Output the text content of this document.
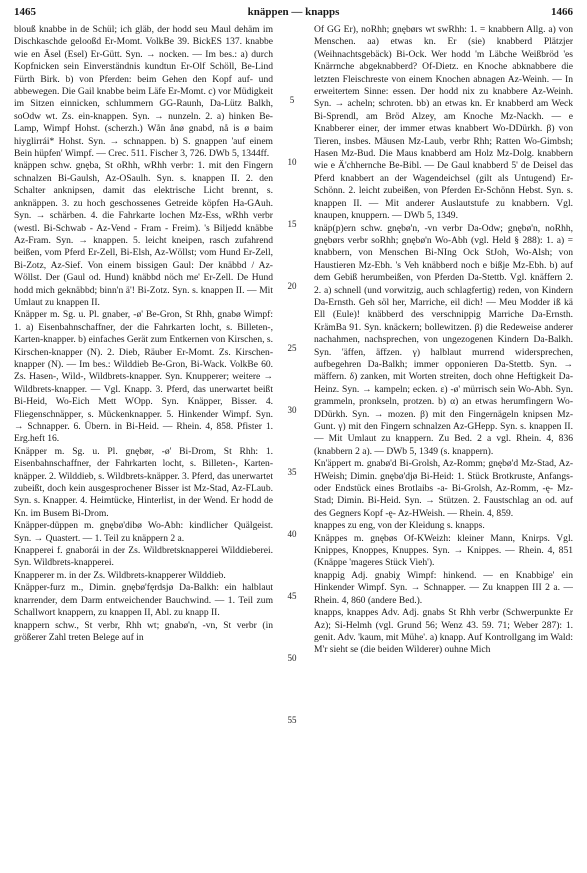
1465	knäppen — knapps	1466

blouß knabbe in de Schül; ich gläb, der hodd seu Maul dehäm im Dischkaschde gelooßd Er-Momt. VolkBe 39. BickES 137. knabbe wie en Äsel (Esel) Er-Gütt. Syn. → nocken. — Im bes.: a) durch Kopfnicken sein Einverständnis kundtun Er-Olf Schöll, Be-Lind Fürth Birk. b) von Pferden: beim Gehen den Kopf auf- und abbewegen. Die Gail knabbe beim Läfe Er-Momt. c) vor Müdigkeit im Sitzen einnicken, schlummern GG-Raunh, Da-Lütz Balkh, soOdw wt. Zs. ein-knappen. Syn. → nunzeln. 2. a) hinken Be-Lamp, Wimpf Hohst. (scherzh.) Wån ånø gnabd, nå is ø baim hiyglirrái* Hohst. Syn. → schnappen. b) S. gnappen 'auf einem Bein hüpfen' Wimpf. — Crec. 511. Fischer 3, 726. DWb 5, 1344ff.

knäppen schw. gnęba, St oRhh, wRhh verbr: 1. mit den Fingern schnalzen Bi-Gaulsh, Az-OSaulh. Syn. s. knappen II. 2. den Schalter anknipsen, damit das elektrische Licht brennt, s. anknäppen. 3. zu hoch geschossenes Getreide köpfen Ha-GAuh. Syn. → schärben. 4. die Fahrkarte lochen Mz-Ess, wRhh verbr (westl. Bi-Schwab - Az-Vend - Fram - Freim). 's Biljedd knäbbe Az-Fram. Syn. → knappen. 5. leicht kneipen, rasch zufahrend beißen, vom Pferd Er-Zell, Bi-Elsh, Az-Wöllst; vom Hund Er-Zell, Bi-Zotz, Az-Sief. Von einem bissigen Gaul: Der knäbbd / Az-Wöllst. Der (Gaul od. Hund) knäbbd nöch me' Er-Zell. De Hund hodd mich geknäbbd; binn'n ä'! Bi-Zotz. Syn. s. knappen II. — Mit Umlaut zu knappen II.

Knäpper m. Sg. u. Pl. gnaber, -ø' Be-Gron, St Rhh, gnabø Wimpf: 1. a) Eisenbahnschaffner, der die Fahrkarten locht, s. Billeten-, Karten-knapper. b) einfaches Gerät zum Entkernen von Kirschen, s. Kirschen-knapper (N). 2. Dieb, Räuber Er-Momt. Zs. Kirschen-knapper (N). — Im bes.: Wilddieb Be-Gron, Bi-Wack. VolkBe 60. Zs. Hasen-, Wild-, Wildbrets-knapper. Syn. Knupperer; weitere → Wildbrets-knapper. — Vgl. Knapp. 3. Pferd, das unerwartet beißt Bi-Heid, Wo-Eich Mett WOpp. Syn. Knäpper, Bisser. 4. Fliegenschnäpper, s. Mückenknapper. 5. Hinkender Wimpf. Syn. → Schnapper. 6. Übern. in Bi-Heid. — Rhein. 4, 858. Pfister 1. Erg.heft 16.

Knäpper m. Sg. u. Pl. gnębør, -ø' Bi-Drom, St Rhh: 1. Eisenbahnschaffner, der Fahrkarten locht, s. Billeten-, Karten-knäpper. 2. Wilddieb, s. Wildbrets-knäpper. 3. Pferd, das unerwartet zubeißt, doch kein ausgesprochener Bisser ist Mz-Stad, Az-FLaub. Syn. s. Knapper. 4. Heimtücke, Hinterlist, in der Wend. Er hodd de Kn. im Busem Bi-Drom.

Knäpper-düppen m. gnębø'dibø Wo-Abh: kindlicher Quälgeist. Syn. → Quastert. — 1. Teil zu knäppern 2 a.

Knapperei f. gnaborái in der Zs. Wildbretsknapperei Wilddieberei. Syn. Wildbrets-knapperei.

Knapperer m. in der Zs. Wildbrets-knapperer Wilddieb.

Knäpper-furz m., Dimin. gnębø'fęrdsjø Da-Balkh: ein halblaut knarrender, dem Darm entweichender Bauchwind. — 1. Teil zum Schallwort knappern, zu knappen II, Abl. zu knapp II.

knappern schw., St verbr, Rhh wt; gnabø'n, -vn, St verbr (in größerer Zahl treten Belege auf in

5
10
15
20
25
30
35
40
45
50
55

Of GG Er), noRhh; gnębørs wt swRhh: 1. = knabbern Allg. a) von Menschen. aa) etwas kn. Er (sie) knabberd Plätzjer (Weihnachtsgebäck) Bi-Ock. Wer hodd 'm Läbche Weißbröd 'es Knärrnche abgeknabberd? Of-Dietz. en Knoche abknabbere die letzten Fleischreste von einem Knochen abnagen Az-Weinh. — In erweitertem Sinne: essen. Der hodd nix zu knabbere Az-Weinh. Syn. → acheln; schroten. bb) an etwas kn. Er knabberd am Weck Bi-Sprendl, am Bröd Alzey, am Knoche Mz-Nackh. — e Knabberer einer, der immer etwas knabbert Wo-DDürkh. β) von Tieren, insbes. Mäusen Mz-Laub, verbr Rhh; Ratten Wo-Gimbsh; Hasen Mz-Bud. Die Maus knabberd am Holz Mz-Dolg. knabbern wie e Ä'chhernche Be-Bibl. — De Gaul knabberd 5' de Deisel das Pferd knabbert an der Wagendeichsel (gilt als Untugend) Er-Schönn. 2. leicht zubeißen, von Pferden Er-Schönn Hebst. Syn. s. knappen II. — Mit anderer Auslautstufe zu knabbern. Vgl. knaupen, knuppern. — DWb 5, 1349.

knäp(p)ern schw. gnębø'n, -vn verbr Da-Odw; gnębø'n, noRhh, gnębørs verbr soRhh; gnębø'n Wo-Abh (vgl. Held § 288): 1. a) = knabbern, von Menschen Bi-NIng Ock StJoh, Wo-Alsh; von Haustieren Mz-Ebh. 's Veh knäbberd noch e bißje Mz-Ebh. b) auf dem Gebiß herumbeißen, von Pferden Da-Stettb. Vgl. knäffern 2. 2. a) schnell (und vorwitzig, auch schlagfertig) reden, von Kindern Da-Ernsth. Geh söl her, Marriche, eil dich! — Meu Modder iß kä Ell (Eule)! knäbberd des verschnippig Marriche Da-Ernsth. KrämBa 91. Syn. knäckern; bollewitzen. β) die Redeweise anderer nachahmen, nachsprechen, von ungezogenen Kindern Da-Balkh. Syn. 'äffen, äffzen. γ) halblaut murrend widersprechen, aufbegehren Da-Balkh; immer opponieren Da-Stettb. Syn. → mäffern. δ) zanken, mit Worten streiten, doch ohne Heftigkeit Da-Heinz. Syn. → kampeln; ecken. ε) -ø' mürrisch sein Wo-Abh. Syn. grammeln, pronkseln, protzen. b) α) an etwas herumfingern Wo-DDürkh. Syn. → mozen. β) mit den Fingernägeln knipsen Mz-Gunt. γ) mit den Fingern schnalzen Az-GHepp. Syn. s. knappen II. — Mit Umlaut zu knappern. Zu Bed. 2 a vgl. Rhein. 4, 836 (knabbern 2 a). — DWb 5, 1349 (s. knappern).

Kn'äppert m. gnabø'd Bi-Grolsh, Az-Romm; gnębø'd Mz-Stad, Az-HWeish; Dimin. gnębø'djø Bi-Heid: 1. Stück Brotkruste, Anfangs- oder Endstück eines Brotlaibs -a- Bi-Grolsh, Az-Romm, -ę- Mz-Stad; Dimin. Bi-Heid. Syn. → Stützen. 2. Faustschlag an od. auf des Gegners Kopf -ę- Az-HWeish. — Rhein. 4, 859.

knappes zu eng, von der Kleidung s. knapps.

Knäppes m. gnębøs Of-KWeizh: kleiner Mann, Knirps. Vgl. Knippes, Knoppes, Knuppes. Syn. → Knippes. — Rhein. 4, 851 (Knäppe 'mageres Stück Vieh').

knappig Adj. gnabiχ Wimpf: hinkend. — en Knabbige' ein Hinkender Wimpf. Syn. → Schnapper. — Zu knappen III 2 a. — Rhein. 4, 860 (andere Bed.).

knapps, knappes Adv. Adj. gnabs St Rhh verbr (Schwerpunkte Er Az); Si-Helmh (vgl. Grund 56; Wenz 43. 59. 71; Weber 287): 1. genit. Adv. 'kaum, mit Mühe'. a) knapp. Auf Kontrollgang im Wald: M'r sieht se (die beiden Wilderer) ouhne Mich
